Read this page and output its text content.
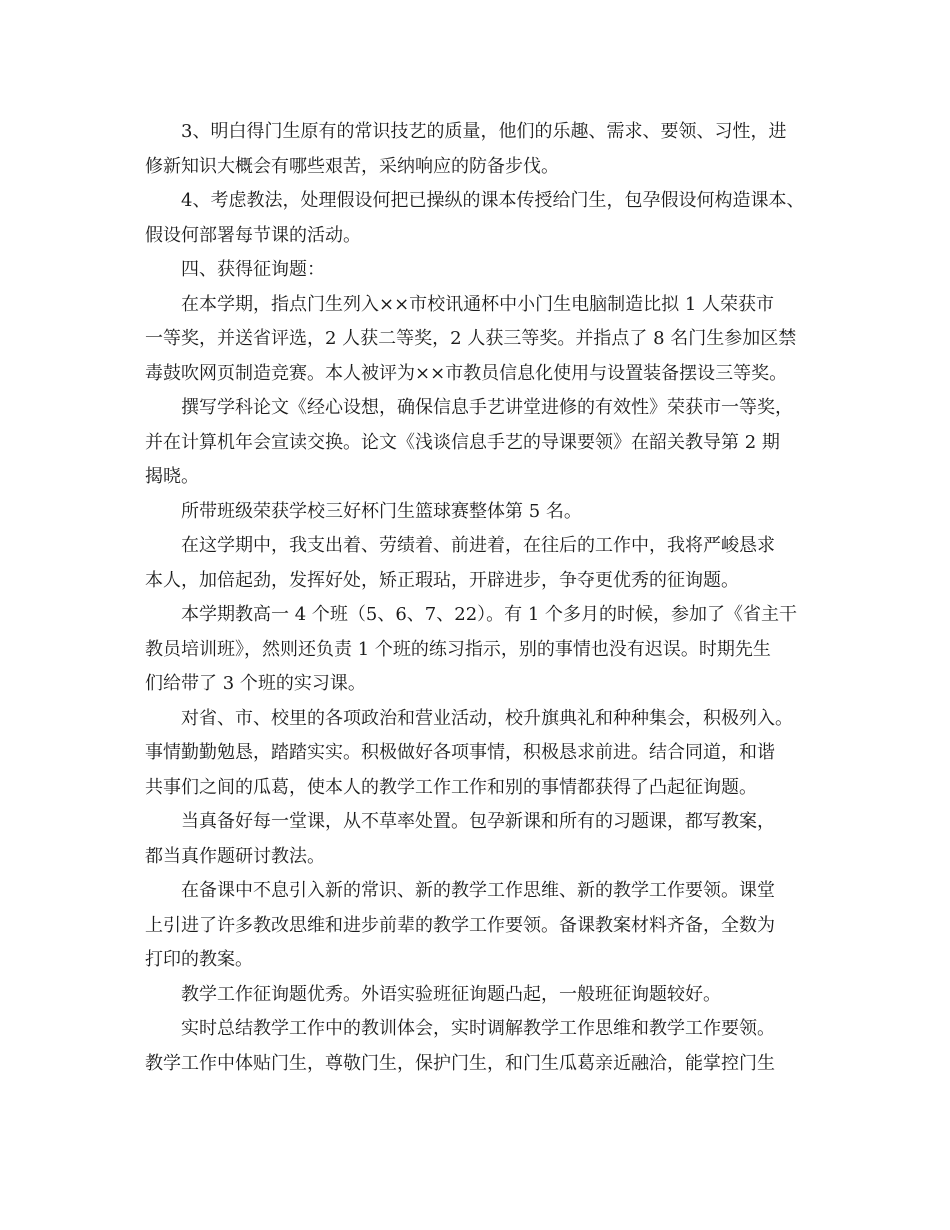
3、明白得门生原有的常识技艺的质量，他们的乐趣、需求、要领、习性，进
修新知识大概会有哪些艰苦，采纳响应的防备步伐。
4、考虑教法，处理假设何把已操纵的课本传授给门生，包孕假设何构造课本、
假设何部署每节课的活动。
四、获得征询题：
在本学期，指点门生列入××市校讯通杯中小门生电脑制造比拟 1 人荣获市
一等奖，并送省评选，2 人获二等奖，2 人获三等奖。并指点了 8 名门生参加区禁
毒鼓吹网页制造竞赛。本人被评为××市教员信息化使用与设置装备摆设三等奖。
撰写学科论文《经心设想，确保信息手艺讲堂进修的有效性》荣获市一等奖，
并在计算机年会宣读交换。论文《浅谈信息手艺的导课要领》在韶关教导第 2 期
揭晓。
所带班级荣获学校三好杯门生篮球赛整体第 5 名。
在这学期中，我支出着、劳绩着、前进着，在往后的工作中，我将严峻恳求
本人，加倍起劲，发挥好处，矫正瑕玷，开辟进步，争夺更优秀的征询题。
本学期教高一 4 个班（5、6、7、22）。有 1 个多月的时候，参加了《省主干
教员培训班》，然则还负责 1 个班的练习指示，别的事情也没有迟误。时期先生
们给带了 3 个班的实习课。
对省、市、校里的各项政治和营业活动，校升旗典礼和种种集会，积极列入。
事情勤勤勉恳，踏踏实实。积极做好各项事情，积极恳求前进。结合同道，和谐
共事们之间的瓜葛，使本人的教学工作工作和别的事情都获得了凸起征询题。
当真备好每一堂课，从不草率处置。包孕新课和所有的习题课，都写教案，
都当真作题研讨教法。
在备课中不息引入新的常识、新的教学工作思维、新的教学工作要领。课堂
上引进了许多教改思维和进步前辈的教学工作要领。备课教案材料齐备，全数为
打印的教案。
教学工作征询题优秀。外语实验班征询题凸起，一般班征询题较好。
实时总结教学工作中的教训体会，实时调解教学工作思维和教学工作要领。
教学工作中体贴门生，尊敬门生，保护门生，和门生瓜葛亲近融洽，能掌控门生
